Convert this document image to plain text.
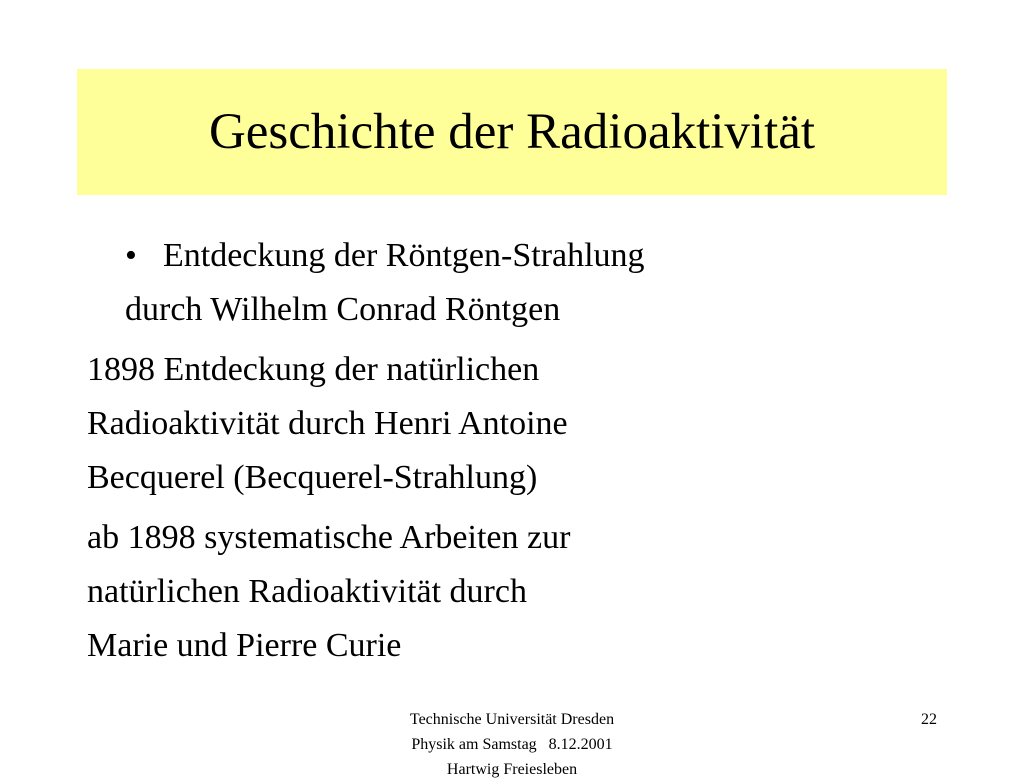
Geschichte der Radioaktivität
• Entdeckung der Röntgen-Strahlung
durch Wilhelm Conrad Röntgen
1898 Entdeckung der natürlichen
Radioaktivität durch Henri Antoine
Becquerel (Becquerel-Strahlung)
ab 1898 systematische Arbeiten zur
natürlichen Radioaktivität durch
Marie und Pierre Curie
Technische Universität Dresden
Physik am Samstag   8.12.2001
Hartwig Freiesleben
22
